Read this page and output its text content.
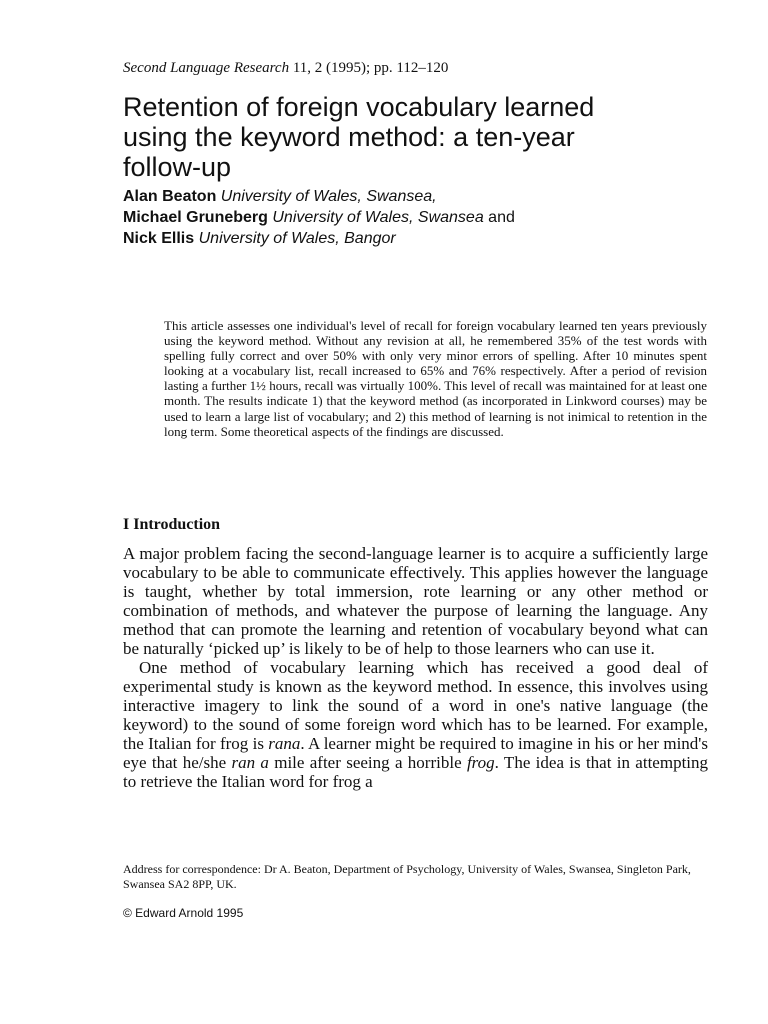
Second Language Research 11, 2 (1995); pp. 112–120
Retention of foreign vocabulary learned
using the keyword method: a ten-year
follow-up
Alan Beaton University of Wales, Swansea,
Michael Gruneberg University of Wales, Swansea and
Nick Ellis University of Wales, Bangor

This article assesses one individual's level of recall for foreign vocabulary learned ten years previously using the keyword method. Without any revision at all, he remembered 35% of the test words with spelling fully correct and over 50% with only very minor errors of spelling. After 10 minutes spent looking at a vocabulary list, recall increased to 65% and 76% respectively. After a period of revision lasting a further 1½ hours, recall was virtually 100%. This level of recall was maintained for at least one month. The results indicate 1) that the keyword method (as incorporated in Linkword courses) may be used to learn a large list of vocabulary; and 2) this method of learning is not inimical to retention in the long term. Some theoretical aspects of the findings are discussed.

I Introduction

A major problem facing the second-language learner is to acquire a sufficiently large vocabulary to be able to communicate effectively. This applies however the language is taught, whether by total immersion, rote learning or any other method or combination of methods, and whatever the purpose of learning the language. Any method that can promote the learning and retention of vocabulary beyond what can be naturally ‘picked up’ is likely to be of help to those learners who can use it.

One method of vocabulary learning which has received a good deal of experimental study is known as the keyword method. In essence, this involves using interactive imagery to link the sound of a word in one's native language (the keyword) to the sound of some foreign word which has to be learned. For example, the Italian for frog is rana. A learner might be required to imagine in his or her mind's eye that he/she ran a mile after seeing a horrible frog. The idea is that in attempting to retrieve the Italian word for frog a

Address for correspondence: Dr A. Beaton, Department of Psychology, University of Wales, Swansea, Singleton Park, Swansea SA2 8PP, UK.

© Edward Arnold 1995
